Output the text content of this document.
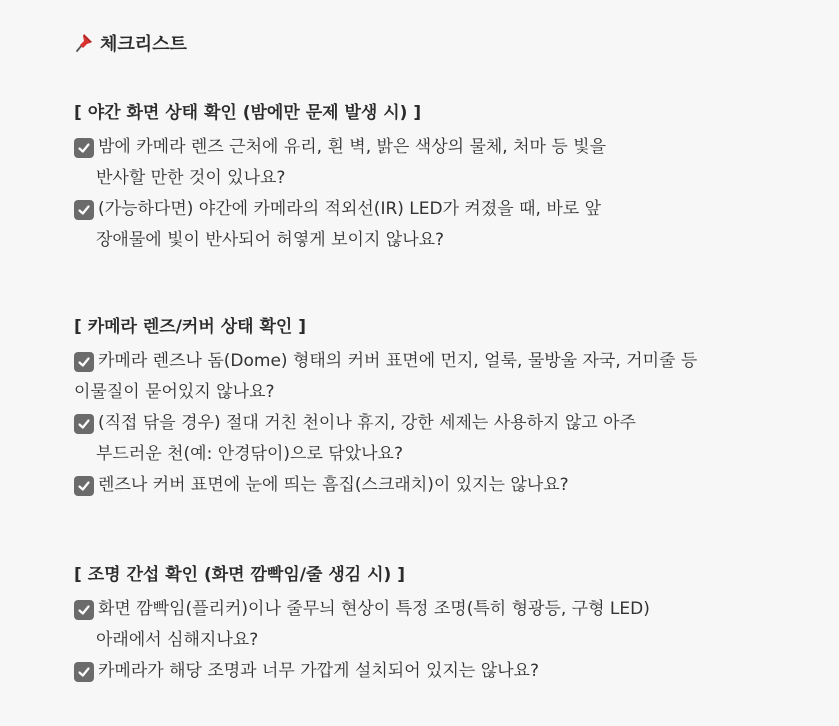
체크리스트
[ 야간 화면 상태 확인 (밤에만 문제 발생 시) ]
밤에 카메라 렌즈 근처에 유리, 흰 벽, 밝은 색상의 물체, 처마 등 빛을
반사할 만한 것이 있나요?
(가능하다면) 야간에 카메라의 적외선(IR) LED가 켜졌을 때, 바로 앞
장애물에 빛이 반사되어 허옇게 보이지 않나요?
[ 카메라 렌즈/커버 상태 확인 ]
카메라 렌즈나 돔(Dome) 형태의 커버 표면에 먼지, 얼룩, 물방울 자국, 거미줄 등
이물질이 묻어있지 않나요?
(직접 닦을 경우) 절대 거친 천이나 휴지, 강한 세제는 사용하지 않고 아주
부드러운 천(예: 안경닦이)으로 닦았나요?
렌즈나 커버 표면에 눈에 띄는 흠집(스크래치)이 있지는 않나요?
[ 조명 간섭 확인 (화면 깜빡임/줄 생김 시) ]
화면 깜빡임(플리커)이나 줄무늬 현상이 특정 조명(특히 형광등, 구형 LED)
아래에서 심해지나요?
카메라가 해당 조명과 너무 가깝게 설치되어 있지는 않나요?
